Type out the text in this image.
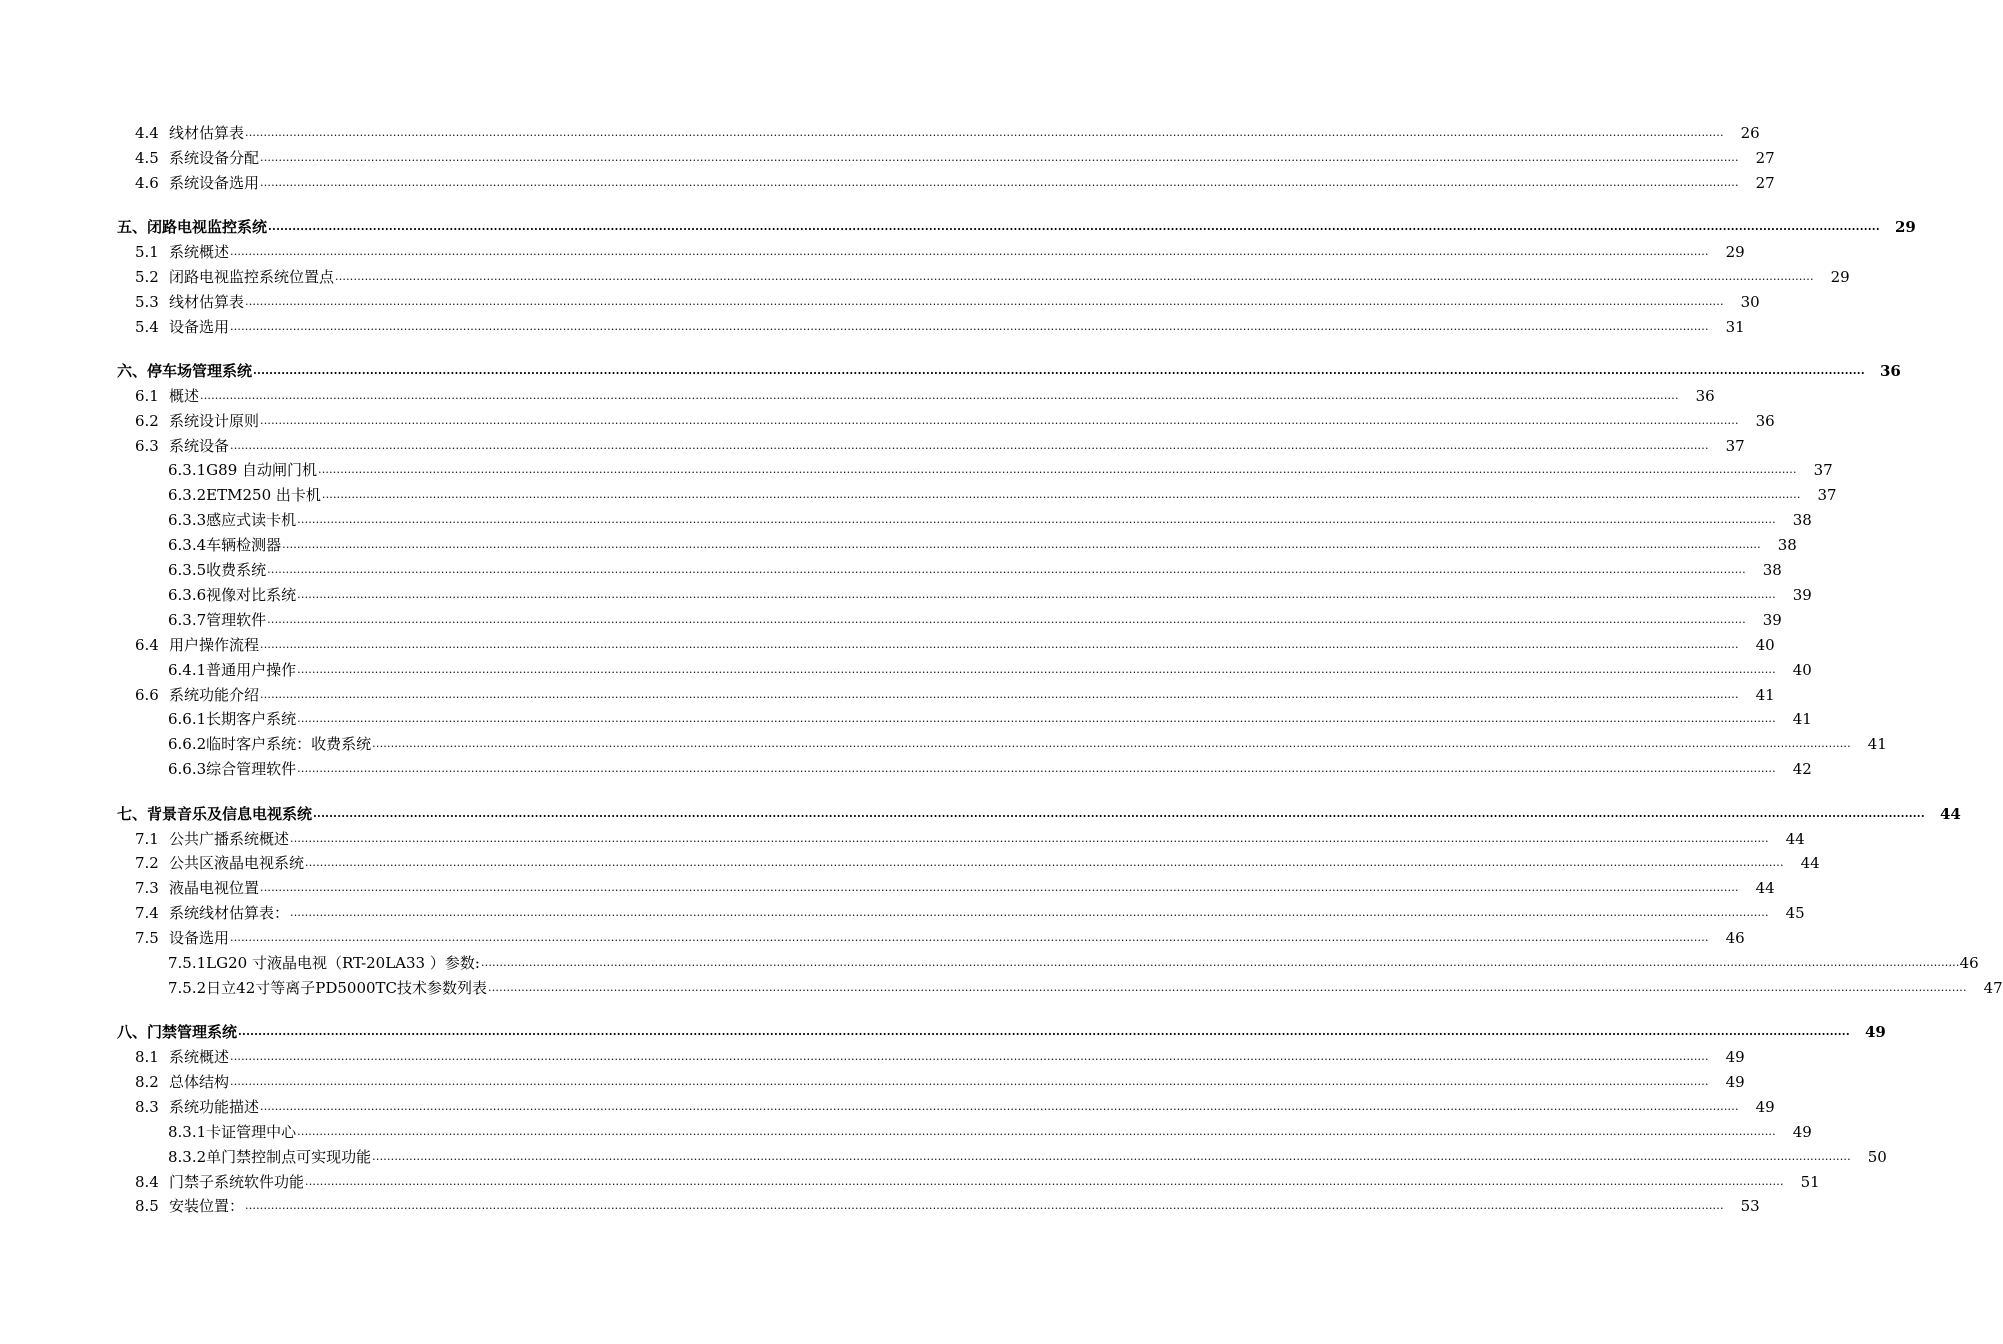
4.4 线材估算表 ................................................................................................................................................................................................................................................................................................................................................................................................................	26
4.5 系统设备分配 ................................................................................................................................................................................................................................................................................................................................................................................................................	27
4.6 系统设备选用 ................................................................................................................................................................................................................................................................................................................................................................................................................	27
五、闭路电视监控系统 ................................................................................................................................................................................................................................................................................................................................................................................................................	29
5.1 系统概述 ................................................................................................................................................................................................................................................................................................................................................................................................................	29
5.2 闭路电视监控系统位置点 ................................................................................................................................................................................................................................................................................................................................................................................................................	29
5.3 线材估算表 ................................................................................................................................................................................................................................................................................................................................................................................................................	30
5.4 设备选用 ................................................................................................................................................................................................................................................................................................................................................................................................................	31
六、停车场管理系统 ................................................................................................................................................................................................................................................................................................................................................................................................................	36
6.1 概述 ................................................................................................................................................................................................................................................................................................................................................................................................................	36
6.2 系统设计原则 ................................................................................................................................................................................................................................................................................................................................................................................................................	36
6.3 系统设备 ................................................................................................................................................................................................................................................................................................................................................................................................................	37
6.3.1G89 自动闸门机 ................................................................................................................................................................................................................................................................................................................................................................................................................	37
6.3.2ETM250 出卡机 ................................................................................................................................................................................................................................................................................................................................................................................................................	37
6.3.3感应式读卡机 ................................................................................................................................................................................................................................................................................................................................................................................................................	38
6.3.4车辆检测器 ................................................................................................................................................................................................................................................................................................................................................................................................................	38
6.3.5收费系统 ................................................................................................................................................................................................................................................................................................................................................................................................................	38
6.3.6视像对比系统 ................................................................................................................................................................................................................................................................................................................................................................................................................	39
6.3.7管理软件 ................................................................................................................................................................................................................................................................................................................................................................................................................	39
6.4 用户操作流程 ................................................................................................................................................................................................................................................................................................................................................................................................................	40
6.4.1普通用户操作 ................................................................................................................................................................................................................................................................................................................................................................................................................	40
6.6 系统功能介绍 ................................................................................................................................................................................................................................................................................................................................................................................................................	41
6.6.1长期客户系统 ................................................................................................................................................................................................................................................................................................................................................................................................................	41
6.6.2临时客户系统：收费系统 ................................................................................................................................................................................................................................................................................................................................................................................................................	41
6.6.3综合管理软件 ................................................................................................................................................................................................................................................................................................................................................................................................................	42
七、背景音乐及信息电视系统 ................................................................................................................................................................................................................................................................................................................................................................................................................	44
7.1 公共广播系统概述 ................................................................................................................................................................................................................................................................................................................................................................................................................	44
7.2 公共区液晶电视系统 ................................................................................................................................................................................................................................................................................................................................................................................................................	44
7.3 液晶电视位置 ................................................................................................................................................................................................................................................................................................................................................................................................................	44
7.4 系统线材估算表： ................................................................................................................................................................................................................................................................................................................................................................................................................	45
7.5 设备选用 ................................................................................................................................................................................................................................................................................................................................................................................................................	46
7.5.1LG20 寸液晶电视（RT-20LA33 ）参数: ................................................................................................................................................................................................................................................................................................................................................................................................................ 46
7.5.2日立42寸等离子PD5000TC技术参数列表 ................................................................................................................................................................................................................................................................................................................................................................................................................	47
八、门禁管理系统 ................................................................................................................................................................................................................................................................................................................................................................................................................	49
8.1 系统概述 ................................................................................................................................................................................................................................................................................................................................................................................................................	49
8.2 总体结构 ................................................................................................................................................................................................................................................................................................................................................................................................................	49
8.3 系统功能描述 ................................................................................................................................................................................................................................................................................................................................................................................................................	49
8.3.1卡证管理中心 ................................................................................................................................................................................................................................................................................................................................................................................................................	49
8.3.2单门禁控制点可实现功能 ................................................................................................................................................................................................................................................................................................................................................................................................................	50
8.4 门禁子系统软件功能 ................................................................................................................................................................................................................................................................................................................................................................................................................	51
8.5 安装位置： ................................................................................................................................................................................................................................................................................................................................................................................................................	53
